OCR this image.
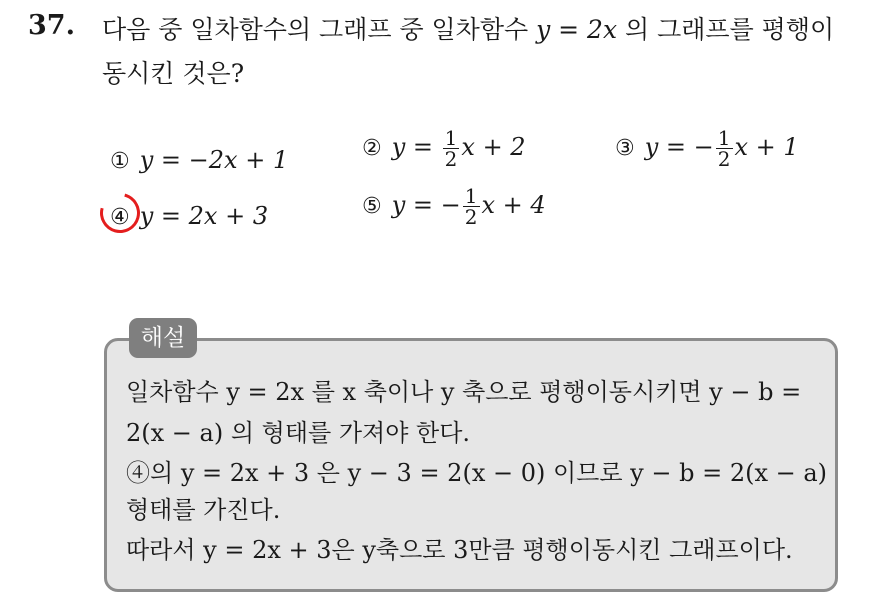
37. 다음 중 일차함수의 그래프 중 일차함수 y = 2x 의 그래프를 평행이
동시킨 것은?
① y = −2x + 1	② $y = \frac{1}{2}$ x + 2	③ y = − $\frac{1}{2}$ x + 1
④ y = 2x + 3	⑤ y = − $\frac{1}{2}$ x + 4
해설
일차함수 y = 2x 를 x 축이나 y 축으로 평행이동시키면 y − b =
2(x − a) 의 형태를 가져야 한다.
④의 y = 2x + 3 은 y − 3 = 2(x − 0) 이므로 y − b = 2(x − a)
형태를 가진다.
따라서 y = 2x + 3은 y축으로 3만큼 평행이동시킨 그래프이다.
